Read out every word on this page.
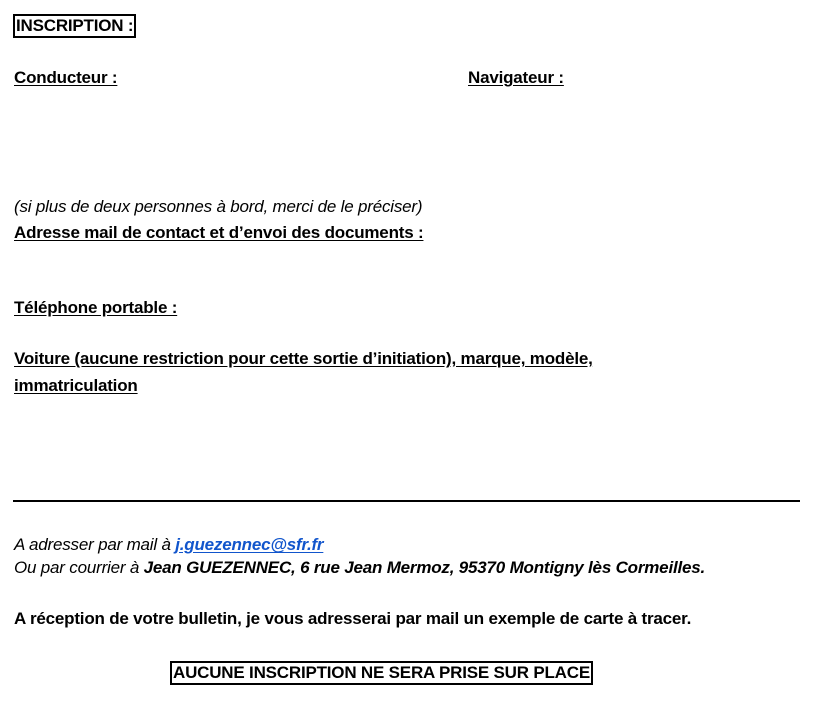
INSCRIPTION :
Conducteur :	Navigateur :
(si plus de deux personnes à bord, merci de le préciser)
Adresse mail de contact et d’envoi des documents :
Téléphone portable :
Voiture (aucune restriction pour cette sortie d’initiation), marque, modèle,
immatriculation
A adresser par mail à j.guezennec@sfr.fr
Ou par courrier à Jean GUEZENNEC, 6 rue Jean Mermoz, 95370 Montigny lès Cormeilles.
A réception de votre bulletin, je vous adresserai par mail un exemple de carte à tracer.
AUCUNE INSCRIPTION NE SERA PRISE SUR PLACE
